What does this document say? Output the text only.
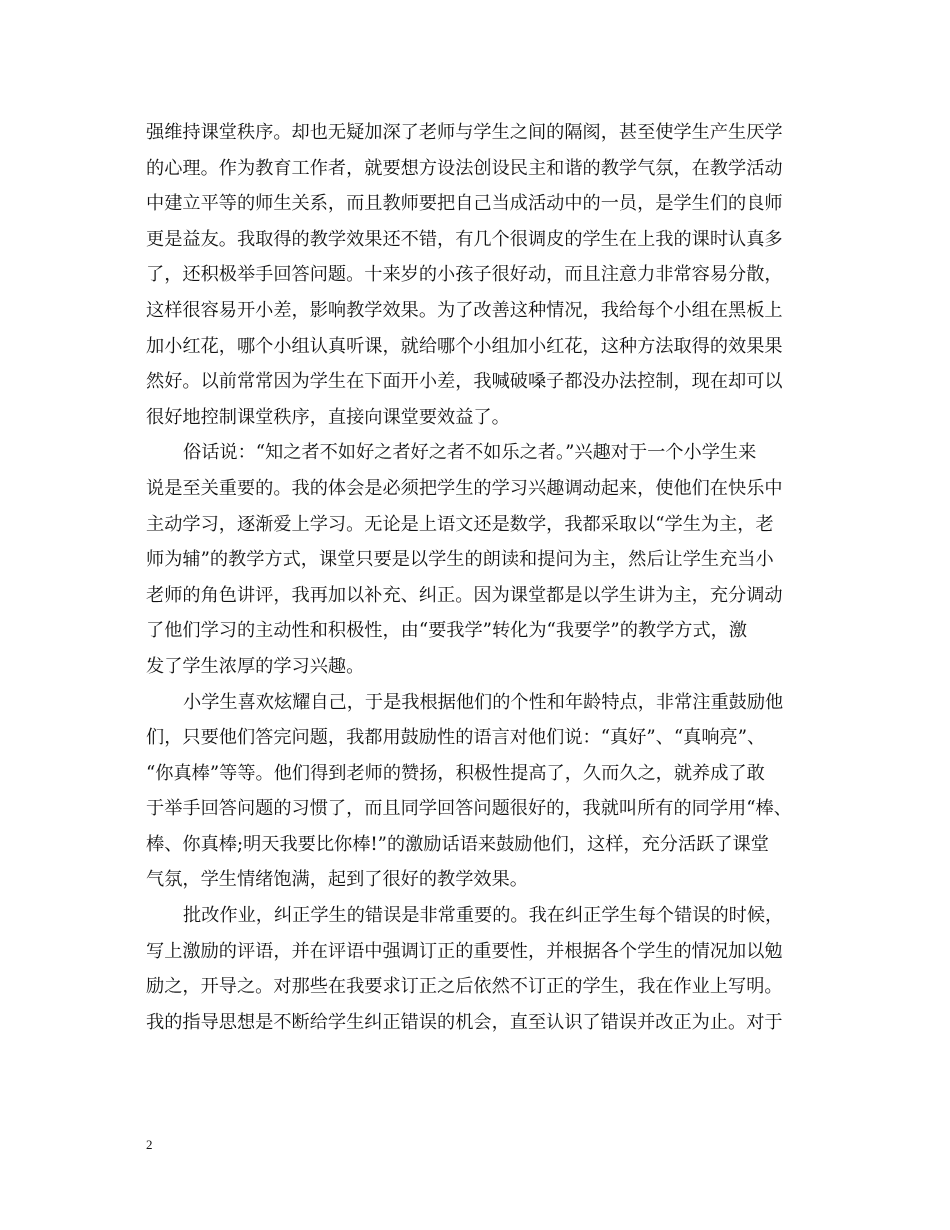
强维持课堂秩序。却也无疑加深了老师与学生之间的隔阂，甚至使学生产生厌学
的心理。作为教育工作者，就要想方设法创设民主和谐的教学气氛，在教学活动
中建立平等的师生关系，而且教师要把自己当成活动中的一员，是学生们的良师
更是益友。我取得的教学效果还不错，有几个很调皮的学生在上我的课时认真多
了，还积极举手回答问题。十来岁的小孩子很好动，而且注意力非常容易分散，
这样很容易开小差，影响教学效果。为了改善这种情况，我给每个小组在黑板上
加小红花，哪个小组认真听课，就给哪个小组加小红花，这种方法取得的效果果
然好。以前常常因为学生在下面开小差，我喊破嗓子都没办法控制，现在却可以
很好地控制课堂秩序，直接向课堂要效益了。
俗话说：“知之者不如好之者好之者不如乐之者。”兴趣对于一个小学生来
说是至关重要的。我的体会是必须把学生的学习兴趣调动起来，使他们在快乐中
主动学习，逐渐爱上学习。无论是上语文还是数学，我都采取以“学生为主，老
师为辅”的教学方式，课堂只要是以学生的朗读和提问为主，然后让学生充当小
老师的角色讲评，我再加以补充、纠正。因为课堂都是以学生讲为主，充分调动
了他们学习的主动性和积极性，由“要我学”转化为“我要学”的教学方式，激
发了学生浓厚的学习兴趣。
小学生喜欢炫耀自己，于是我根据他们的个性和年龄特点，非常注重鼓励他
们，只要他们答完问题，我都用鼓励性的语言对他们说：“真好”、“真响亮”、
“你真棒”等等。他们得到老师的赞扬，积极性提高了，久而久之，就养成了敢
于举手回答问题的习惯了，而且同学回答问题很好的，我就叫所有的同学用“棒、
棒、你真棒;明天我要比你棒!”的激励话语来鼓励他们，这样，充分活跃了课堂
气氛，学生情绪饱满，起到了很好的教学效果。
批改作业，纠正学生的错误是非常重要的。我在纠正学生每个错误的时候，
写上激励的评语，并在评语中强调订正的重要性，并根据各个学生的情况加以勉
励之，开导之。对那些在我要求订正之后依然不订正的学生，我在作业上写明。
我的指导思想是不断给学生纠正错误的机会，直至认识了错误并改正为止。对于
2
